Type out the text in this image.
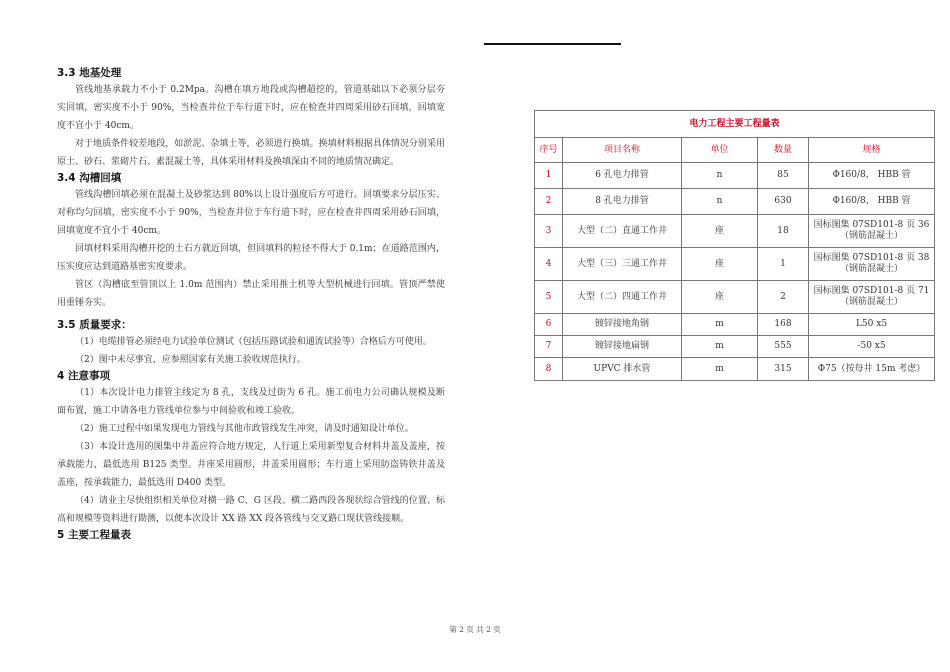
3.3 地基处理

管线地基承载力不小于 0.2Mpa。沟槽在填方地段或沟槽超挖的，管道基础以下必须分层夯实回填，密实度不小于 90%，当检查井位于车行道下时，应在检查井四周采用砂石回填，回填宽度不宜小于 40cm。

对于地质条件较差地段，如淤泥、杂填土等，必须进行换填。换填材料根据具体情况分别采用原土、砂石、浆砌片石、素混凝土等，具体采用材料及换填深由不同的地质情况确定。

3.4 沟槽回填

管线沟槽回填必须在混凝土及砂浆达到 80%以上设计强度后方可进行。回填要求分层压实、对称均匀回填，密实度不小于 90%，当检查井位于车行道下时，应在检查井四周采用砂石回填，回填宽度不宜小于 40cm。

回填材料采用沟槽开挖的土石方就近回填，但回填料的粒径不得大于 0.1m；在道路范围内，压实度应达到道路基密实度要求。

管区（沟槽底至管顶以上 1.0m 范围内）禁止采用推土机等大型机械进行回填。管顶严禁使用重锤夯实。

3.5 质量要求：

（1）电缆排管必须经电力试验单位测试（包括压路试验和通流试验等）合格后方可使用。

（2）图中未尽事宜，应参照国家有关施工验收规范执行。

4 注意事项

（1）本次设计电力排管主线定为 8 孔，支线及过街为 6 孔。施工前电力公司确认规模及断面布置，施工中请各电力管线单位参与中间验收和竣工验收。

（2）施工过程中如果发现电力管线与其他市政管线发生冲突，请及时通知设计单位。

（3）本设计选用的图集中井盖应符合地方规定，人行道上采用新型复合材料井盖及盖座，按承载能力，最低选用 B125 类型。井座采用圆形，井盖采用圆形；车行道上采用防盗铸铁井盖及盖座，按承载能力，最低选用 D400 类型。

（4）请业主尽快组织相关单位对横一路 C、G 区段、横二路西段各现状综合管线的位置、标高和规模等资料进行勘测，以便本次设计 XX 路 XX 段各管线与交叉路口现状管线接顺。

5 主要工程量表

电力工程主要工程量表				
序号	项目名称	单位	数量	规格
1	6 孔电力排管	n	85	Φ160/8， HBB 管
2	8 孔电力排管	n	630	Φ160/8， HBB 管
3	大型（二）直通工作井	座	18	国标图集 07SD101-8 页 36
（钢筋混凝土）
4	大型（三）三通工作井	座	1	国标图集 07SD101-8 页 38
（钢筋混凝土）
5	大型（二）四通工作井	座	2	国标图集 07SD101-8 页 71
（钢筋混凝土）
6	镀锌接地角钢	m	168	L50 x5
7	镀锌接地扁钢	m	555	-50 x5
8	UPVC 排水管	m	315	Φ75（按每井 15m 考虑）
第 2 页 共 2 页
